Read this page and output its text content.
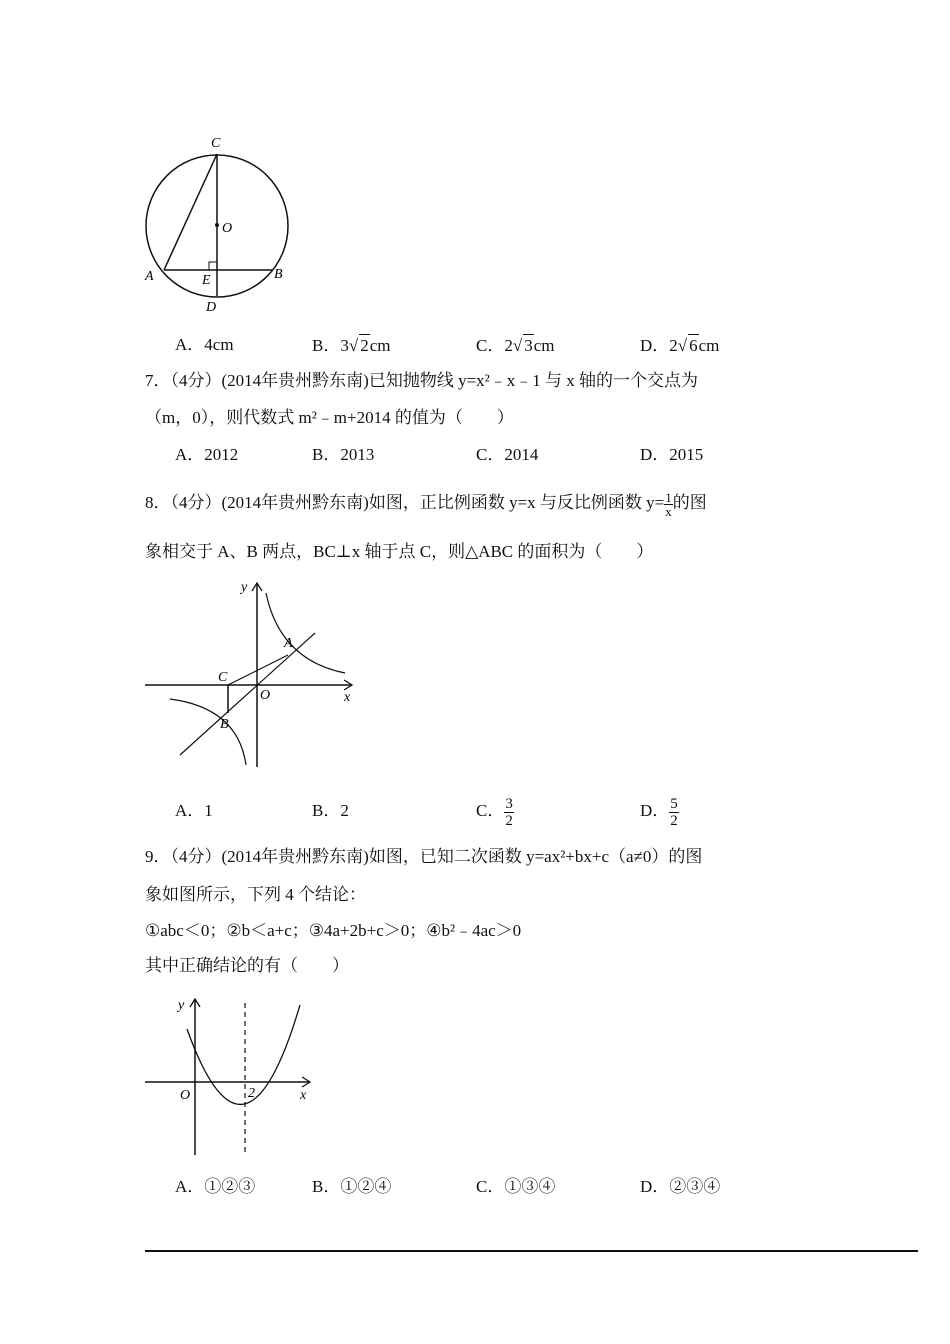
C
O
A	B
E
D
A．4cm	B．3√ 2cm	C．2√ 3cm	D．2√ 6cm
7．（4分）(2014年贵州黔东南)已知抛物线 y=x²﹣x﹣1 与 x 轴的一个交点为
（m，0），则代数式 m²﹣m+2014 的值为（　　）
A．2012	B．2013	C．2014	D．2015
8．（4分）(2014年贵州黔东南)如图，正比例函数 y=x 与反比例函数 $y= \frac{1}{x}$ 的图
象相交于 A、B 两点，BC⊥x 轴于点 C，则△ABC 的面积为（　　）
y
x
A
C
O
B
A．1	B．2	C． $\frac{3}{2}$	D． $\frac{5}{2}$
9．（4分）(2014年贵州黔东南)如图，已知二次函数 y=ax²+bx+c（a≠0）的图
象如图所示，下列 4 个结论：
①abc＜0；②b＜a+c；③4a+2b+c＞0；④b²﹣4ac＞0
其中正确结论的有（　　）
y
x
O	2
A．①②③	B．①②④	C．①③④	D．②③④
